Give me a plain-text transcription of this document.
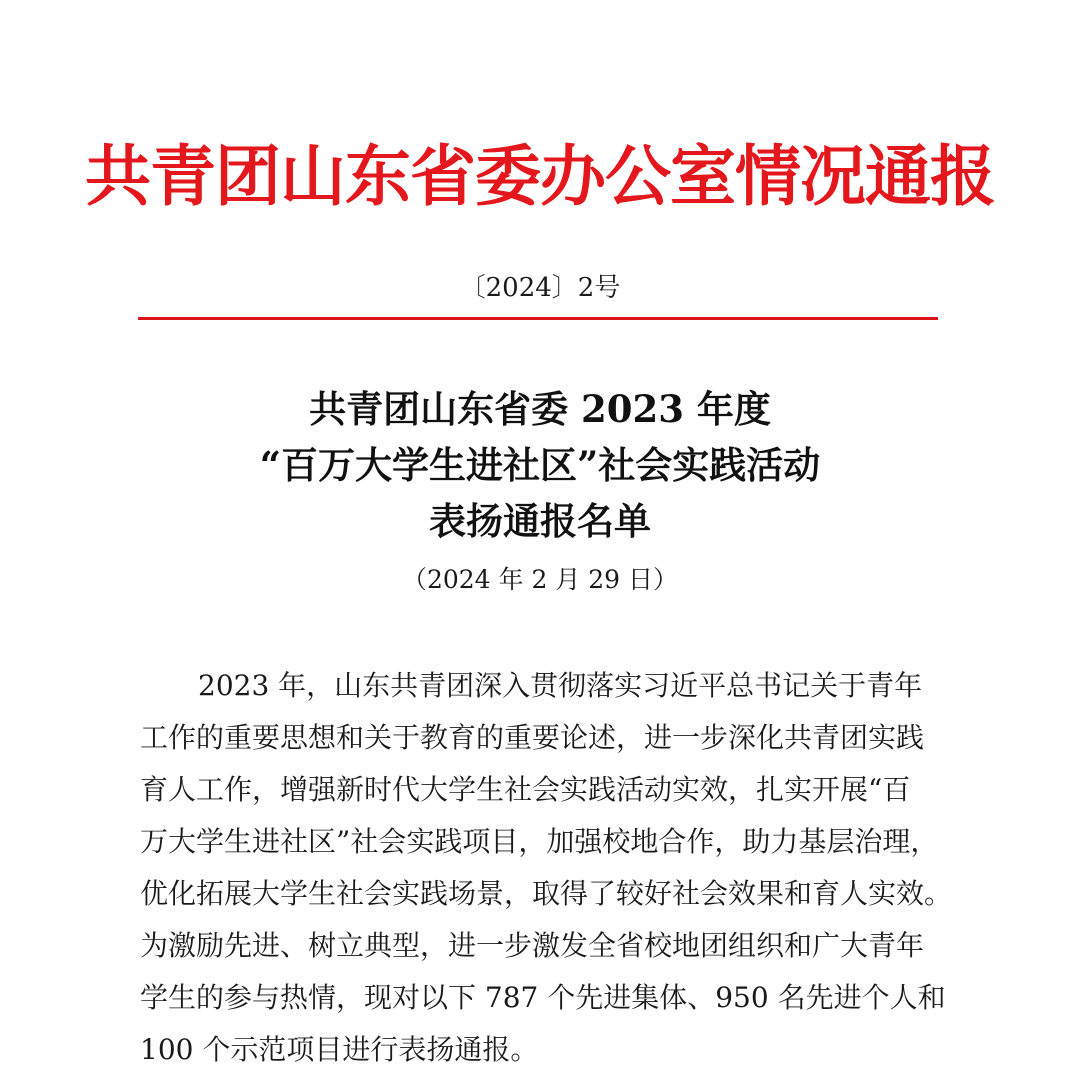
共青团山东省委办公室情况通报
〔2024〕2号
共青团山东省委 2023 年度
“百万大学生进社区”社会实践活动
表扬通报名单
（2024 年 2 月 29 日）
2023 年，山东共青团深入贯彻落实习近平总书记关于青年
工作的重要思想和关于教育的重要论述，进一步深化共青团实践
育人工作，增强新时代大学生社会实践活动实效，扎实开展“百
万大学生进社区”社会实践项目，加强校地合作，助力基层治理，
优化拓展大学生社会实践场景，取得了较好社会效果和育人实效。
为激励先进、树立典型，进一步激发全省校地团组织和广大青年
学生的参与热情，现对以下 787 个先进集体、950 名先进个人和
100 个示范项目进行表扬通报。
